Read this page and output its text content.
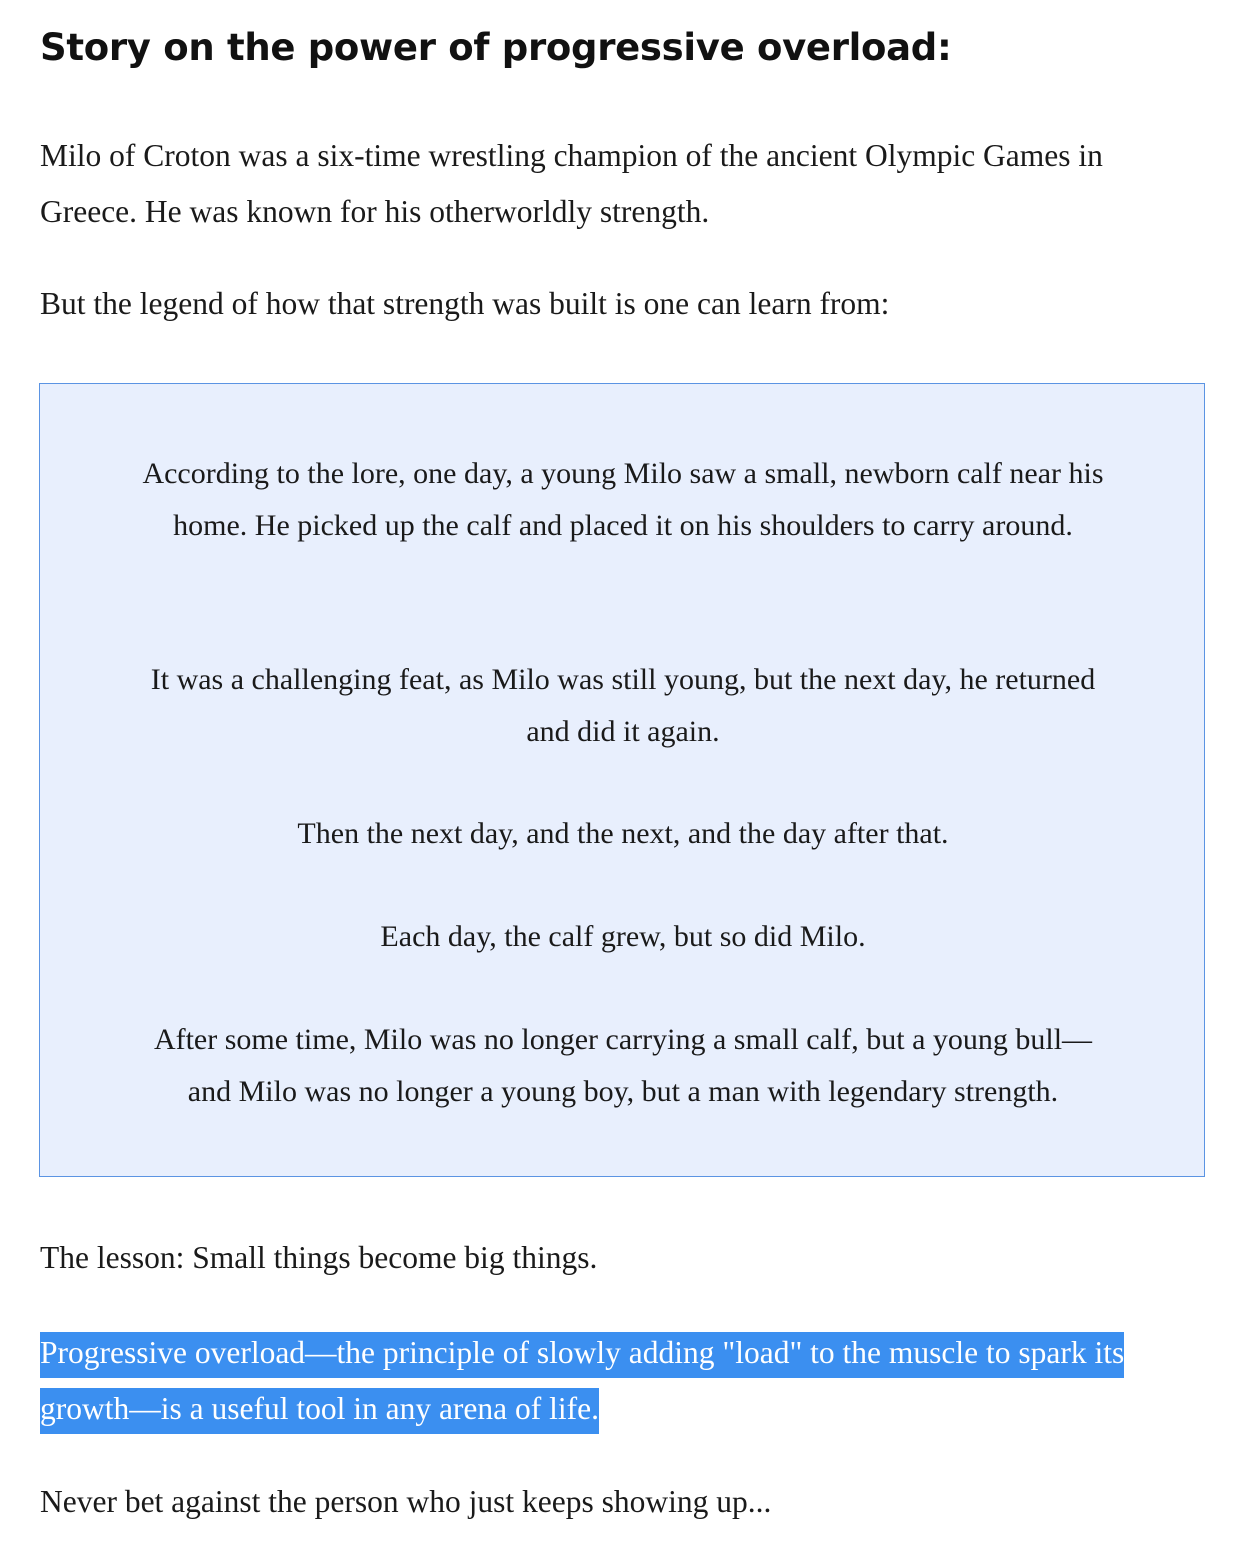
Story on the power of progressive overload:

Milo of Croton was a six-time wrestling champion of the ancient Olympic Games in Greece. He was known for his otherworldly strength.

But the legend of how that strength was built is one can learn from:

According to the lore, one day, a young Milo saw a small, newborn calf near his home. He picked up the calf and placed it on his shoulders to carry around.

It was a challenging feat, as Milo was still young, but the next day, he returned and did it again.

Then the next day, and the next, and the day after that.

Each day, the calf grew, but so did Milo.

After some time, Milo was no longer carrying a small calf, but a young bull—and Milo was no longer a young boy, but a man with legendary strength.

The lesson: Small things become big things.

Progressive overload—the principle of slowly adding "load" to the muscle to spark its growth—is a useful tool in any arena of life.

Never bet against the person who just keeps showing up...
